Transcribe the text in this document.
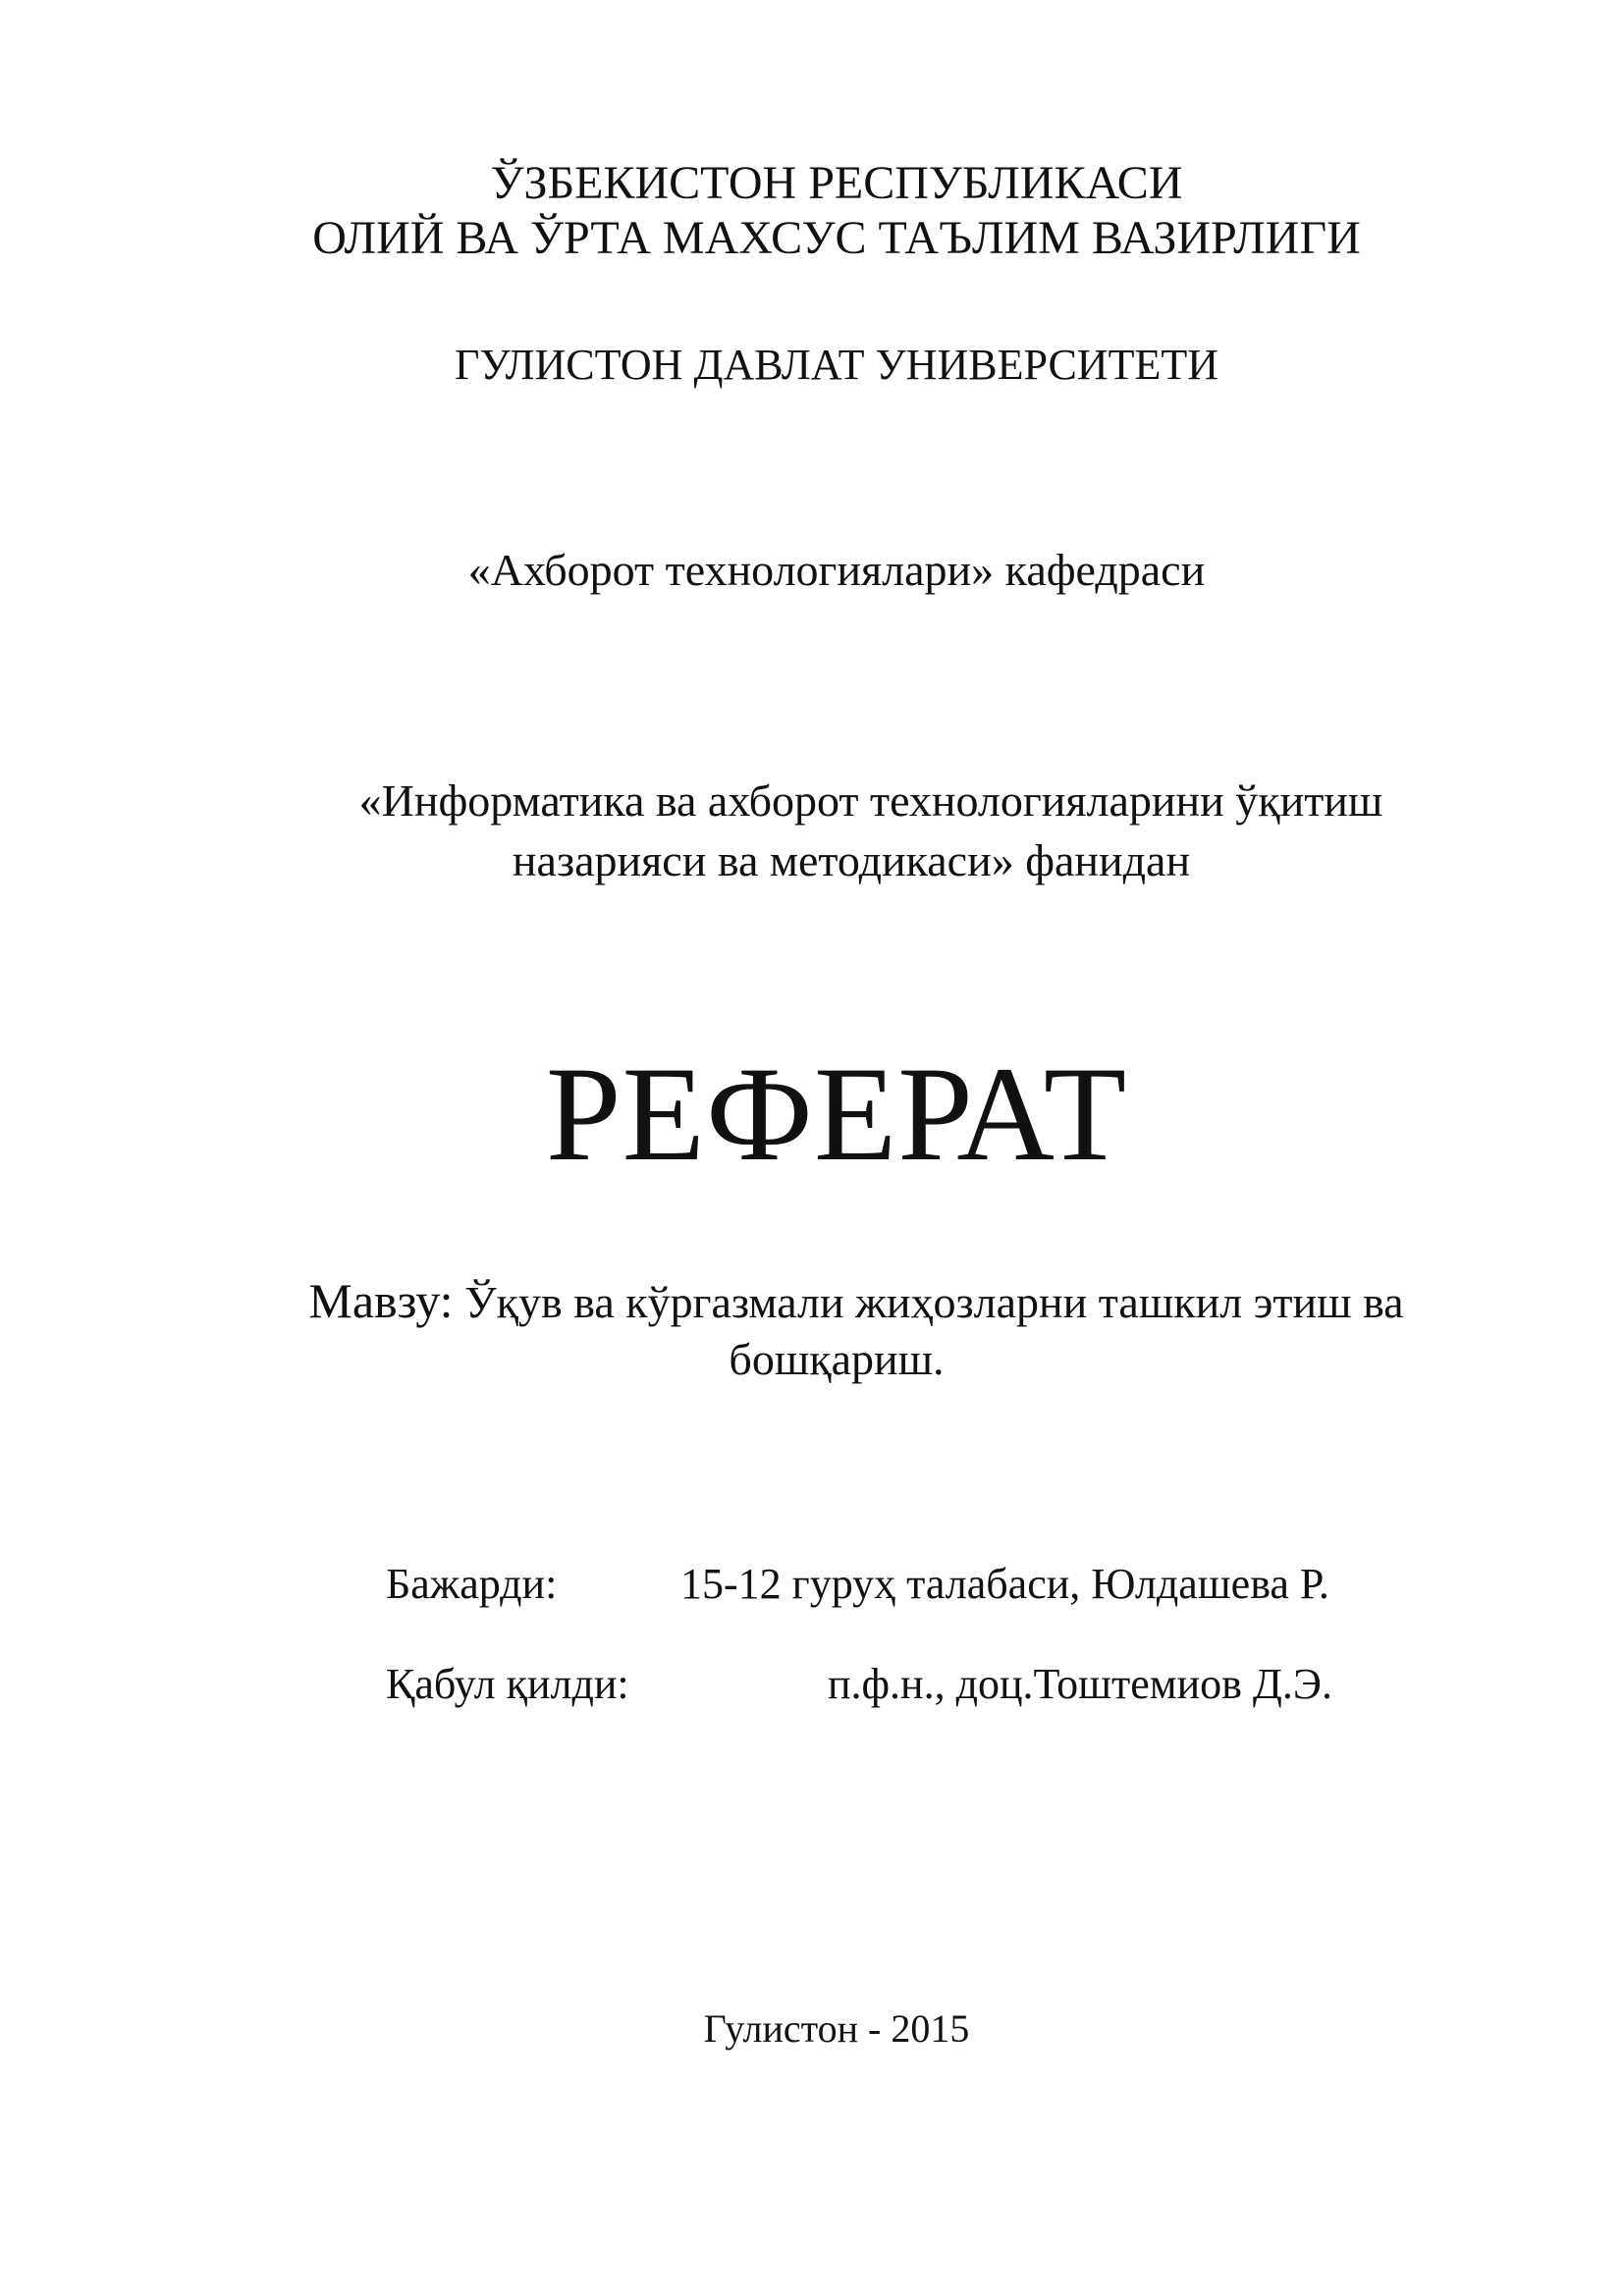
ЎЗБЕКИСТОН РЕСПУБЛИКАСИ
ОЛИЙ ВА ЎРТА МАХСУС ТАЪЛИМ ВАЗИРЛИГИ
ГУЛИСТОН ДАВЛАТ УНИВЕРСИТЕТИ
«Ахборот технологиялари» кафедраси
«Информатика ва ахборот технологияларини ўқитиш
назарияси ва методикаси» фанидан
РЕФЕРАТ
Мавзу: Ўқув ва кўргазмали жиҳозларни ташкил этиш ва
бошқариш.
Бажарди:	15-12 гуруҳ талабаси, Юлдашева Р.
Қабул қилди:	п.ф.н., доц.Тоштемиов Д.Э.
Гулистон - 2015
